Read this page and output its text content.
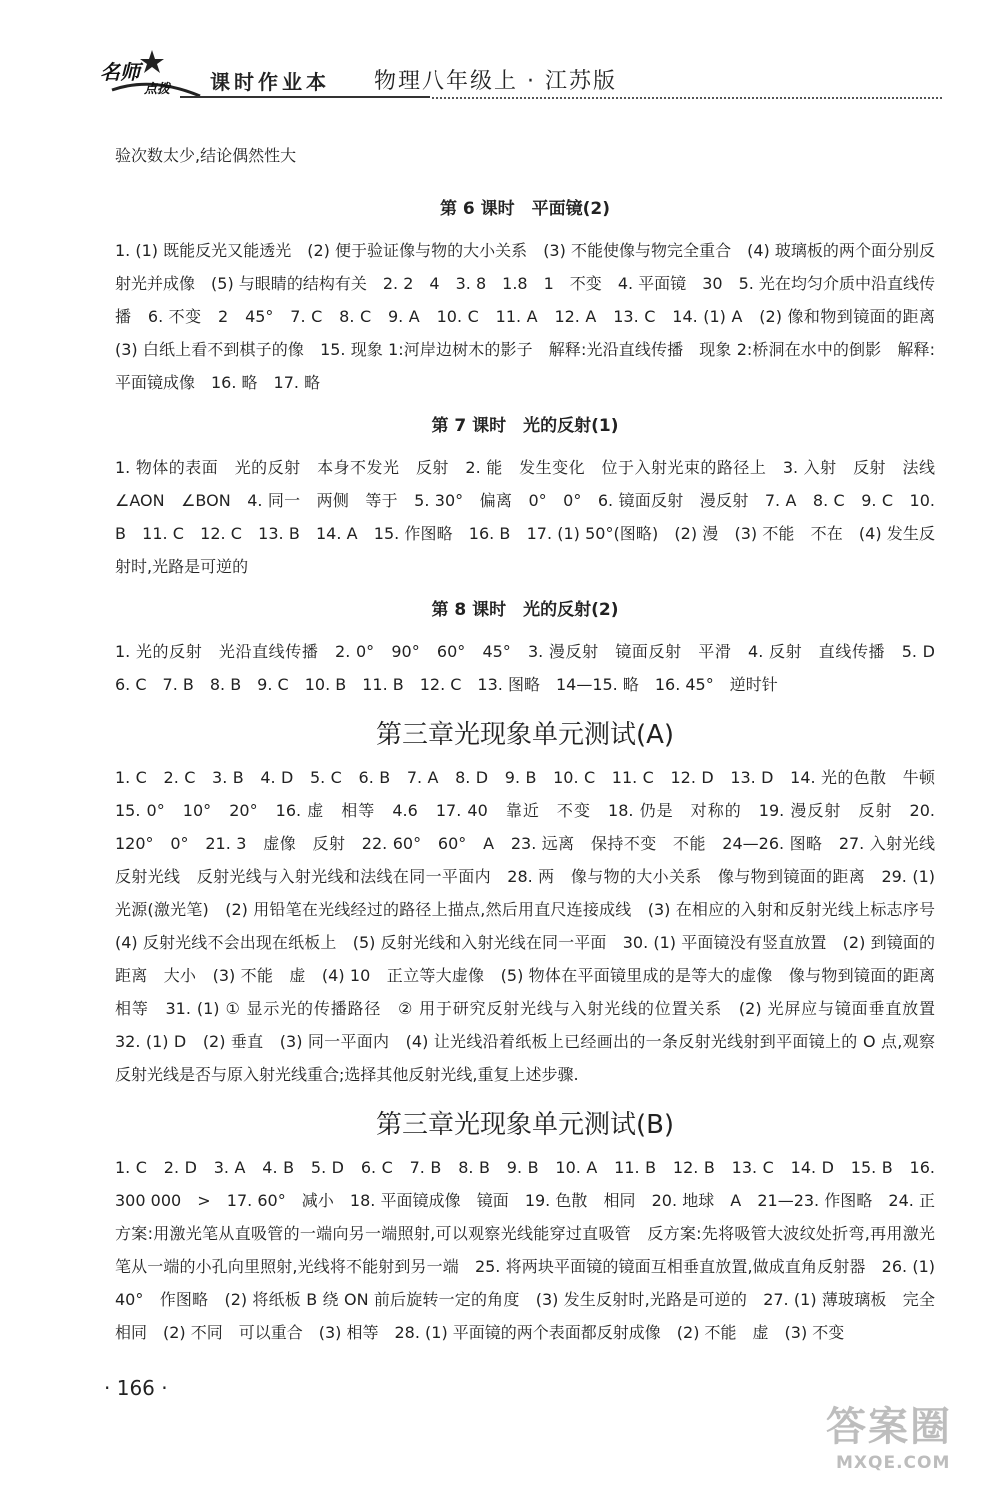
名师
点拨 课时作业本 物理八年级上 · 江苏版

验次数太少,结论偶然性大

第 6 课时　平面镜(2)

1. (1) 既能反光又能透光　(2) 便于验证像与物的大小关系　(3) 不能使像与物完全重合　(4) 玻璃板的两个面分别反射光并成像　(5) 与眼睛的结构有关　2. 2　4　3. 8　1.8　1　不变　4. 平面镜　30　5. 光在均匀介质中沿直线传播　6. 不变　2　45°　7. C　8. C　9. A　10. C　11. A　12. A　13. C　14. (1) A　(2) 像和物到镜面的距离　(3) 白纸上看不到棋子的像　15. 现象 1:河岸边树木的影子　解释:光沿直线传播　现象 2:桥洞在水中的倒影　解释:平面镜成像　16. 略　17. 略

第 7 课时　光的反射(1)

1. 物体的表面　光的反射　本身不发光　反射　2. 能　发生变化　位于入射光束的路径上　3. 入射　反射　法线　∠AON　∠BON　4. 同一　两侧　等于　5. 30°　偏离　0°　0°　6. 镜面反射　漫反射　7. A　8. C　9. C　10. B　11. C　12. C　13. B　14. A　15. 作图略　16. B　17. (1) 50°(图略)　(2) 漫　(3) 不能　不在　(4) 发生反射时,光路是可逆的

第 8 课时　光的反射(2)

1. 光的反射　光沿直线传播　2. 0°　90°　60°　45°　3. 漫反射　镜面反射　平滑　4. 反射　直线传播　5. D　6. C　7. B　8. B　9. C　10. B　11. B　12. C　13. 图略　14—15. 略　16. 45°　逆时针

第三章光现象单元测试(A)

1. C　2. C　3. B　4. D　5. C　6. B　7. A　8. D　9. B　10. C　11. C　12. D　13. D　14. 光的色散　牛顿　15. 0°　10°　20°　16. 虚　相等　4.6　17. 40　靠近　不变　18. 仍是　对称的　19. 漫反射　反射　20. 120°　0°　21. 3　虚像　反射　22. 60°　60°　A　23. 远离　保持不变　不能　24—26. 图略　27. 入射光线　反射光线　反射光线与入射光线和法线在同一平面内　28. 两　像与物的大小关系　像与物到镜面的距离　29. (1) 光源(激光笔)　(2) 用铅笔在光线经过的路径上描点,然后用直尺连接成线　(3) 在相应的入射和反射光线上标志序号　(4) 反射光线不会出现在纸板上　(5) 反射光线和入射光线在同一平面　30. (1) 平面镜没有竖直放置　(2) 到镜面的距离　大小　(3) 不能　虚　(4) 10　正立等大虚像　(5) 物体在平面镜里成的是等大的虚像　像与物到镜面的距离相等　31. (1) ① 显示光的传播路径　② 用于研究反射光线与入射光线的位置关系　(2) 光屏应与镜面垂直放置　32. (1) D　(2) 垂直　(3) 同一平面内　(4) 让光线沿着纸板上已经画出的一条反射光线射到平面镜上的 O 点,观察反射光线是否与原入射光线重合;选择其他反射光线,重复上述步骤.

第三章光现象单元测试(B)

1. C　2. D　3. A　4. B　5. D　6. C　7. B　8. B　9. B　10. A　11. B　12. B　13. C　14. D　15. B　16. 300 000　>　17. 60°　减小　18. 平面镜成像　镜面　19. 色散　相同　20. 地球　A　21—23. 作图略　24. 正方案:用激光笔从直吸管的一端向另一端照射,可以观察光线能穿过直吸管　反方案:先将吸管大波纹处折弯,再用激光笔从一端的小孔向里照射,光线将不能射到另一端　25. 将两块平面镜的镜面互相垂直放置,做成直角反射器　26. (1) 40°　作图略　(2) 将纸板 B 绕 ON 前后旋转一定的角度　(3) 发生反射时,光路是可逆的　27. (1) 薄玻璃板　完全相同　(2) 不同　可以重合　(3) 相等　28. (1) 平面镜的两个表面都反射成像　(2) 不能　虚　(3) 不变

· 166 ·
答案圈
MXQE.COM
